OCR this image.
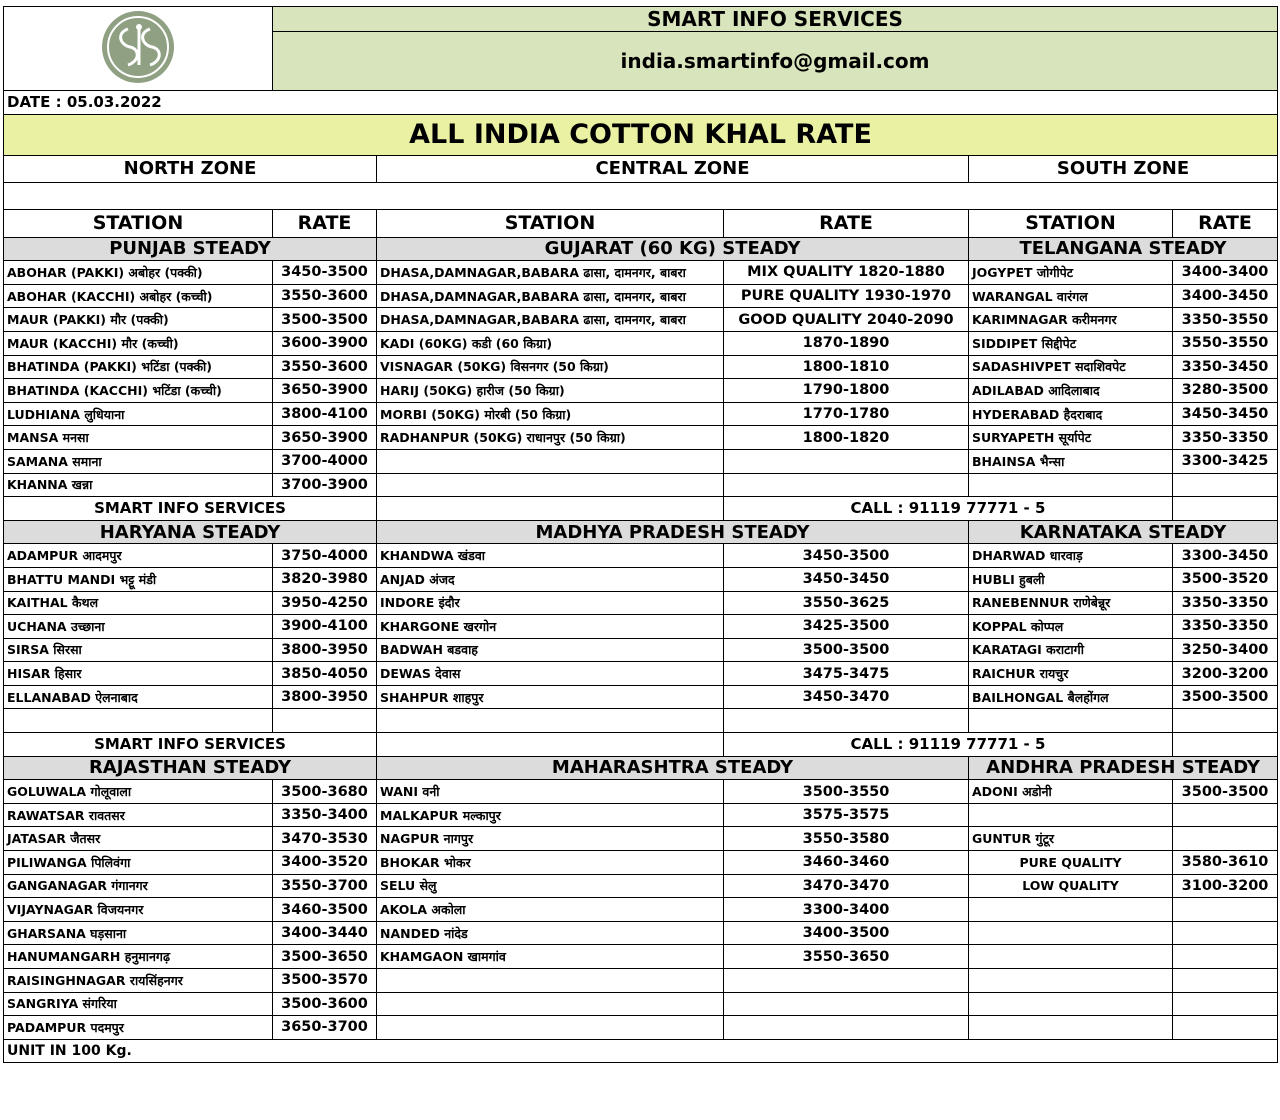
	SMART INFO SERVICES				

	india.smartinfo@gmail.com				

DATE : 05.03.2022					
ALL INDIA COTTON KHAL RATE					
NORTH ZONE		CENTRAL ZONE		SOUTH ZONE	

STATION	RATE	STATION	RATE	STATION	RATE
PUNJAB STEADY		GUJARAT (60 KG) STEADY		TELANGANA STEADY	
ABOHAR (PAKKI) अबोहर (पक्की)	3450-3500	DHASA,DAMNAGAR,BABARA ढासा, दामनगर, बाबरा	MIX QUALITY 1820-1880	JOGYPET जोगीपेट	3400-3400
ABOHAR (KACCHI) अबोहर (कच्ची)	3550-3600	DHASA,DAMNAGAR,BABARA ढासा, दामनगर, बाबरा	PURE QUALITY 1930-1970	WARANGAL वारंगल	3400-3450
MAUR (PAKKI) मौर (पक्की)	3500-3500	DHASA,DAMNAGAR,BABARA ढासा, दामनगर, बाबरा	GOOD QUALITY 2040-2090	KARIMNAGAR करीमनगर	3350-3550
MAUR (KACCHI) मौर (कच्ची)	3600-3900	KADI (60KG) कडी (60 किग्रा)	1870-1890	SIDDIPET सिद्दीपेट	3550-3550
BHATINDA (PAKKI) भटिंडा (पक्की)	3550-3600	VISNAGAR (50KG) विसनगर (50 किग्रा)	1800-1810	SADASHIVPET सदाशिवपेट	3350-3450
BHATINDA (KACCHI) भटिंडा (कच्ची)	3650-3900	HARIJ (50KG) हारीज (50 किग्रा)	1790-1800	ADILABAD आदिलाबाद	3280-3500
LUDHIANA लुधियाना	3800-4100	MORBI (50KG) मोरबी (50 किग्रा)	1770-1780	HYDERABAD हैदराबाद	3450-3450
MANSA मनसा	3650-3900	RADHANPUR (50KG) राधानपुर (50 किग्रा)	1800-1820	SURYAPETH सूर्यापेट	3350-3350
SAMANA समाना	3700-4000			BHAINSA भैन्सा	3300-3425
KHANNA खन्ना	3700-3900				
SMART INFO SERVICES			CALL : 91119 77771 - 5		
HARYANA STEADY		MADHYA PRADESH STEADY		KARNATAKA STEADY	
ADAMPUR आदमपुर	3750-4000	KHANDWA खंडवा	3450-3500	DHARWAD धारवाड़	3300-3450
BHATTU MANDI भट्टू मंडी	3820-3980	ANJAD अंजद	3450-3450	HUBLI हुबली	3500-3520
KAITHAL कैथल	3950-4250	INDORE इंदौर	3550-3625	RANEBENNUR राणेबेन्नूर	3350-3350
UCHANA उच्छाना	3900-4100	KHARGONE खरगोन	3425-3500	KOPPAL कोप्पल	3350-3350
SIRSA सिरसा	3800-3950	BADWAH बडवाह	3500-3500	KARATAGI कराटागी	3250-3400
HISAR हिसार	3850-4050	DEWAS देवास	3475-3475	RAICHUR रायचुर	3200-3200
ELLANABAD ऐलनाबाद	3800-3950	SHAHPUR शाहपुर	3450-3470	BAILHONGAL बैलहोंगल	3500-3500

SMART INFO SERVICES			CALL : 91119 77771 - 5		
RAJASTHAN STEADY		MAHARASHTRA STEADY		ANDHRA PRADESH STEADY	
GOLUWALA गोलूवाला	3500-3680	WANI वनी	3500-3550	ADONI अडोनी	3500-3500
RAWATSAR रावतसर	3350-3400	MALKAPUR मल्कापुर	3575-3575		
JATASAR जैतसर	3470-3530	NAGPUR नागपुर	3550-3580	GUNTUR गुंटूर	
PILIWANGA पिलिवंगा	3400-3520	BHOKAR भोकर	3460-3460	PURE QUALITY	3580-3610
GANGANAGAR गंगानगर	3550-3700	SELU सेलु	3470-3470	LOW QUALITY	3100-3200
VIJAYNAGAR विजयनगर	3460-3500	AKOLA अकोला	3300-3400		
GHARSANA घड़साना	3400-3440	NANDED नांदेड	3400-3500		
HANUMANGARH हनुमानगढ़	3500-3650	KHAMGAON खामगांव	3550-3650		
RAISINGHNAGAR रायसिंहनगर	3500-3570				
SANGRIYA संगरिया	3500-3600				
PADAMPUR पदमपुर	3650-3700				
UNIT IN 100 Kg.					
